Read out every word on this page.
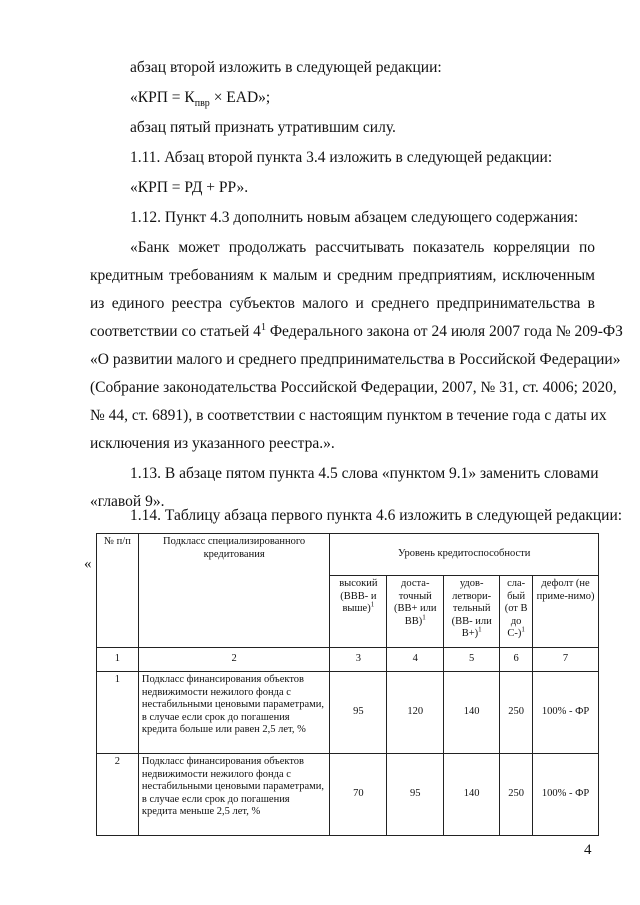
абзац второй изложить в следующей редакции:
«КРП = $К_{пвр}$ × EAD»;
абзац пятый признать утратившим силу.
1.11. Абзац второй пункта 3.4 изложить в следующей редакции:
«КРП = РД + РР».
1.12. Пункт 4.3 дополнить новым абзацем следующего содержания:
«Банк может продолжать рассчитывать показатель корреляции по
кредитным требованиям к малым и средним предприятиям, исключенным
из единого реестра субъектов малого и среднего предпринимательства в
соответствии со статьей $4^1$ Федерального закона от 24 июля 2007 года № 209-ФЗ
«О развитии малого и среднего предпринимательства в Российской Федерации»
(Собрание законодательства Российской Федерации, 2007, № 31, ст. 4006; 2020,
№ 44, ст. 6891), в соответствии с настоящим пунктом в течение года с даты их
исключения из указанного реестра.».
1.13. В абзаце пятом пункта 4.5 слова «пунктом 9.1» заменить словами
«главой 9».
1.14. Таблицу абзаца первого пункта 4.6 изложить в следующей редакции:
«
№ п/п	Подкласс специализированного кредитования	Уровень кредитоспособности				
		высокий (BBB- и выше)$^1$	доста-точный (BB+ или BB)$^1$	удов-летвори-тельный (BB- или B+)$^1$	сла-бый (от B до C-)$^1$	дефолт (не приме-нимо)
1	2	3	4	5	6	7
1	Подкласс финансирования объектов недвижимости нежилого фонда с нестабильными ценовыми параметрами, в случае если срок до погашения кредита больше или равен 2,5 лет, %	95	120	140	250	100% - ФР
2	Подкласс финансирования объектов недвижимости нежилого фонда с нестабильными ценовыми параметрами, в случае если срок до погашения кредита меньше 2,5 лет, %	70	95	140	250	100% - ФР
4
